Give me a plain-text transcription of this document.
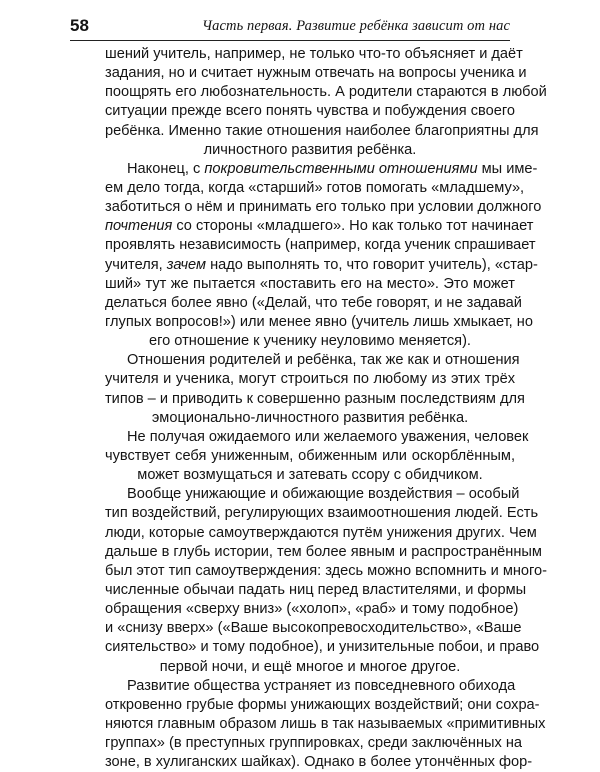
58	Часть первая. Развитие ребёнка зависит от нас
шений учитель, например, не только что-то объясняет и даёт
задания, но и считает нужным отвечать на вопросы ученика и
поощрять его любознательность. А родители стараются в любой
ситуации прежде всего понять чувства и побуждения своего
ребёнка. Именно такие отношения наиболее благоприятны для
личностного развития ребёнка.
Наконец, с покровительственными отношениями мы име-
ем дело тогда, когда «старший» готов помогать «младшему»,
заботиться о нём и принимать его только при условии должного
почтения со стороны «младшего». Но как только тот начинает
проявлять независимость (например, когда ученик спрашивает
учителя, зачем надо выполнять то, что говорит учитель), «стар-
ший» тут же пытается «поставить его на место». Это может
делаться более явно («Делай, что тебе говорят, и не задавай
глупых вопросов!») или менее явно (учитель лишь хмыкает, но
его отношение к ученику неуловимо меняется).
Отношения родителей и ребёнка, так же как и отношения
учителя и ученика, могут строиться по любому из этих трёх
типов – и приводить к совершенно разным последствиям для
эмоционально-личностного развития ребёнка.
Не получая ожидаемого или желаемого уважения, человек
чувствует себя униженным, обиженным или оскорблённым,
может возмущаться и затевать ссору с обидчиком.
Вообще унижающие и обижающие воздействия – особый
тип воздействий, регулирующих взаимоотношения людей. Есть
люди, которые самоутверждаются путём унижения других. Чем
дальше в глубь истории, тем более явным и распространённым
был этот тип самоутверждения: здесь можно вспомнить и много-
численные обычаи падать ниц перед властителями, и формы
обращения «сверху вниз» («холоп», «раб» и тому подобное)
и «снизу вверх» («Ваше высокопревосходительство», «Ваше
сиятельство» и тому подобное), и унизительные побои, и право
первой ночи, и ещё многое и многое другое.
Развитие общества устраняет из повседневного обихода
откровенно грубые формы унижающих воздействий; они сохра-
няются главным образом лишь в так называемых «примитивных
группах» (в преступных группировках, среди заключённых на
зоне, в хулиганских шайках). Однако в более утончённых фор-
